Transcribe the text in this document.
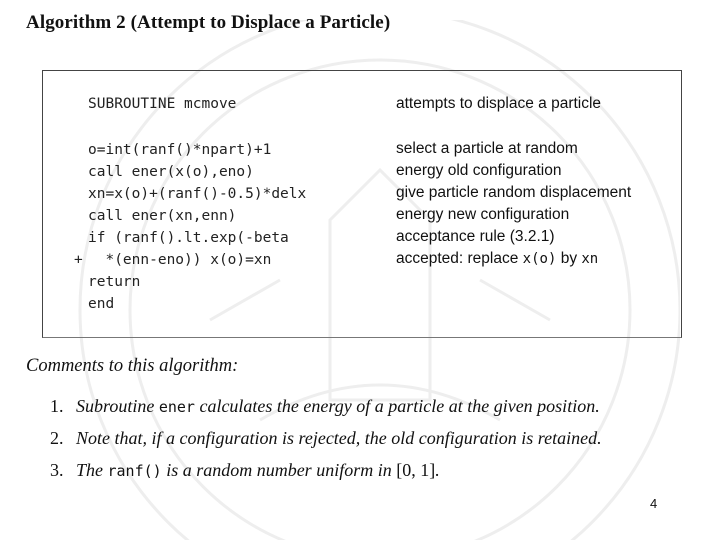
Algorithm 2 (Attempt to Displace a Particle)
SUBROUTINE mcmove
o=int(ranf()*npart)+1
call ener(x(o),eno)
xn=x(o)+(ranf()-0.5)*delx
call ener(xn,enn)
if (ranf().lt.exp(-beta
+ *(enn-eno)) x(o)=xn
return
end
attempts to displace a particle
select a particle at random
energy old configuration
give particle random displacement
energy new configuration
acceptance rule (3.2.1)
accepted: replace x(o) by xn
Comments to this algorithm:
1. Subroutine ener calculates the energy of a particle at the given position.
2. Note that, if a configuration is rejected, the old configuration is retained.
3. The ranf() is a random number uniform in [0, 1].
4
